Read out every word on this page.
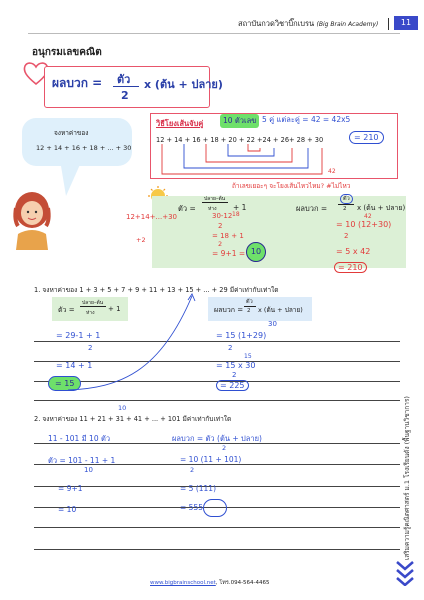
สถาบันกวดวิชาบิ๊กเบรน (Big Brain Academy)	11
อนุกรมเลขคณิต
ผลบวก = ตัว
2
x (ต้น + ปลาย)
จงหาค่าของ
12 + 14 + 16 + 18 + ... + 30
วิธีโยงเส้นจับคู่	10 ตัวเลข 5 คู่ แต่ละคู่ = 42 = 42x5
12 + 14 + 16 + 18 + 20 + 22 +24 + 26+ 28 + 30	= 210
42
ถ้าเลขเยอะๆ จะโยงเส้นไหวไหม? #ไม่ไหว
ตัว =
ปลาย–ต้น
ห่าง + 1	ผลบวก =
ตัว
2 x (ต้น + ปลาย)
12+14+...+30
+2
30-12
2
18
= 18 + 1
2
= 9+1 = 10
42
= 10 (12+30)
2
= 5 x 42
= 210
1. จงหาค่าของ 1 + 3 + 5 + 7 + 9 + 11 + 13 + 15 + ... + 29 มีค่าเท่ากับเท่าใด
ตัว =
ปลาย–ต้น
ห่าง + 1	ผลบวก =
ตัว
2 x (ต้น + ปลาย)
30
= 29-1 + 1
2
= 14 + 1
= 15
= 15 (1+29)
2
15
= 15 x 30
2
= 225
10
2. จงหาค่าของ 11 + 21 + 31 + 41 + ... + 101 มีค่าเท่ากับเท่าใด
11 - 101 มี 10 ตัว
ตัว = 101 - 11 + 1
10
= 9+1
= 10
ผลบวก = ตัว (ต้น + ปลาย)
2
= 10 (11 + 101)
2
= 5 (111)
= 555	เสริมความรู้คณิตศาสตร์ ม.1 โรงเรียนดัง (พื้นฐานวิชาการ)
www.bigbrainschool.net, โทร.094-564-4465
